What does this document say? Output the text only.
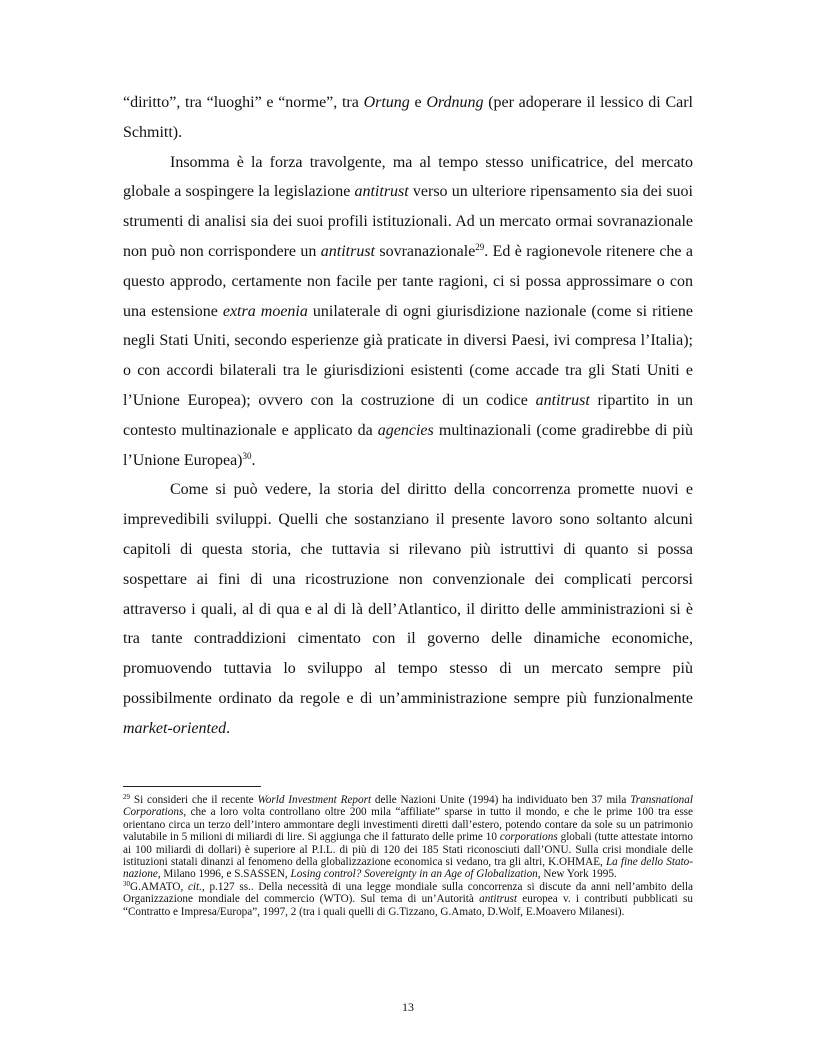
“diritto”, tra “luoghi” e “norme”, tra Ortung e Ordnung (per adoperare il lessico di Carl Schmitt).

Insomma è la forza travolgente, ma al tempo stesso unificatrice, del mercato globale a sospingere la legislazione antitrust verso un ulteriore ripensamento sia dei suoi strumenti di analisi sia dei suoi profili istituzionali. Ad un mercato ormai sovranazionale non può non corrispondere un antitrust sovranazionale$^{29}$. Ed è ragionevole ritenere che a questo approdo, certamente non facile per tante ragioni, ci si possa approssimare o con una estensione extra moenia unilaterale di ogni giurisdizione nazionale (come si ritiene negli Stati Uniti, secondo esperienze già praticate in diversi Paesi, ivi compresa l’Italia); o con accordi bilaterali tra le giurisdizioni esistenti (come accade tra gli Stati Uniti e l’Unione Europea); ovvero con la costruzione di un codice antitrust ripartito in un contesto multinazionale e applicato da agencies multinazionali (come gradirebbe di più l’Unione Europea)$^{30}$.

Come si può vedere, la storia del diritto della concorrenza promette nuovi e imprevedibili sviluppi. Quelli che sostanziano il presente lavoro sono soltanto alcuni capitoli di questa storia, che tuttavia si rilevano più istruttivi di quanto si possa sospettare ai fini di una ricostruzione non convenzionale dei complicati percorsi attraverso i quali, al di qua e al di là dell’Atlantico, il diritto delle amministrazioni si è tra tante contraddizioni cimentato con il governo delle dinamiche economiche, promuovendo tuttavia lo sviluppo al tempo stesso di un mercato sempre più possibilmente ordinato da regole e di un’amministrazione sempre più funzionalmente market-oriented.

$^{29}$ Si consideri che il recente World Investment Report delle Nazioni Unite (1994) ha individuato ben 37 mila Transnational Corporations, che a loro volta controllano oltre 200 mila “affiliate” sparse in tutto il mondo, e che le prime 100 tra esse orientano circa un terzo dell’intero ammontare degli investimenti diretti dall’estero, potendo contare da sole su un patrimonio valutabile in 5 milioni di miliardi di lire. Si aggiunga che il fatturato delle prime 10 corporations globali (tutte attestate intorno ai 100 miliardi di dollari) è superiore al P.I.L. di più di 120 dei 185 Stati riconosciuti dall’ONU. Sulla crisi mondiale delle istituzioni statali dinanzi al fenomeno della globalizzazione economica si vedano, tra gli altri, K.OHMAE, La fine dello Stato-nazione, Milano 1996, e S.SASSEN, Losing control? Sovereignty in an Age of Globalization, New York 1995.

$^{30}$G.AMATO, cit., p.127 ss.. Della necessità di una legge mondiale sulla concorrenza si discute da anni nell’ambito della Organizzazione mondiale del commercio (WTO). Sul tema di un’Autorità antitrust europea v. i contributi pubblicati su “Contratto e Impresa/Europa”, 1997, 2 (tra i quali quelli di G.Tizzano, G.Amato, D.Wolf, E.Moavero Milanesi).

13
